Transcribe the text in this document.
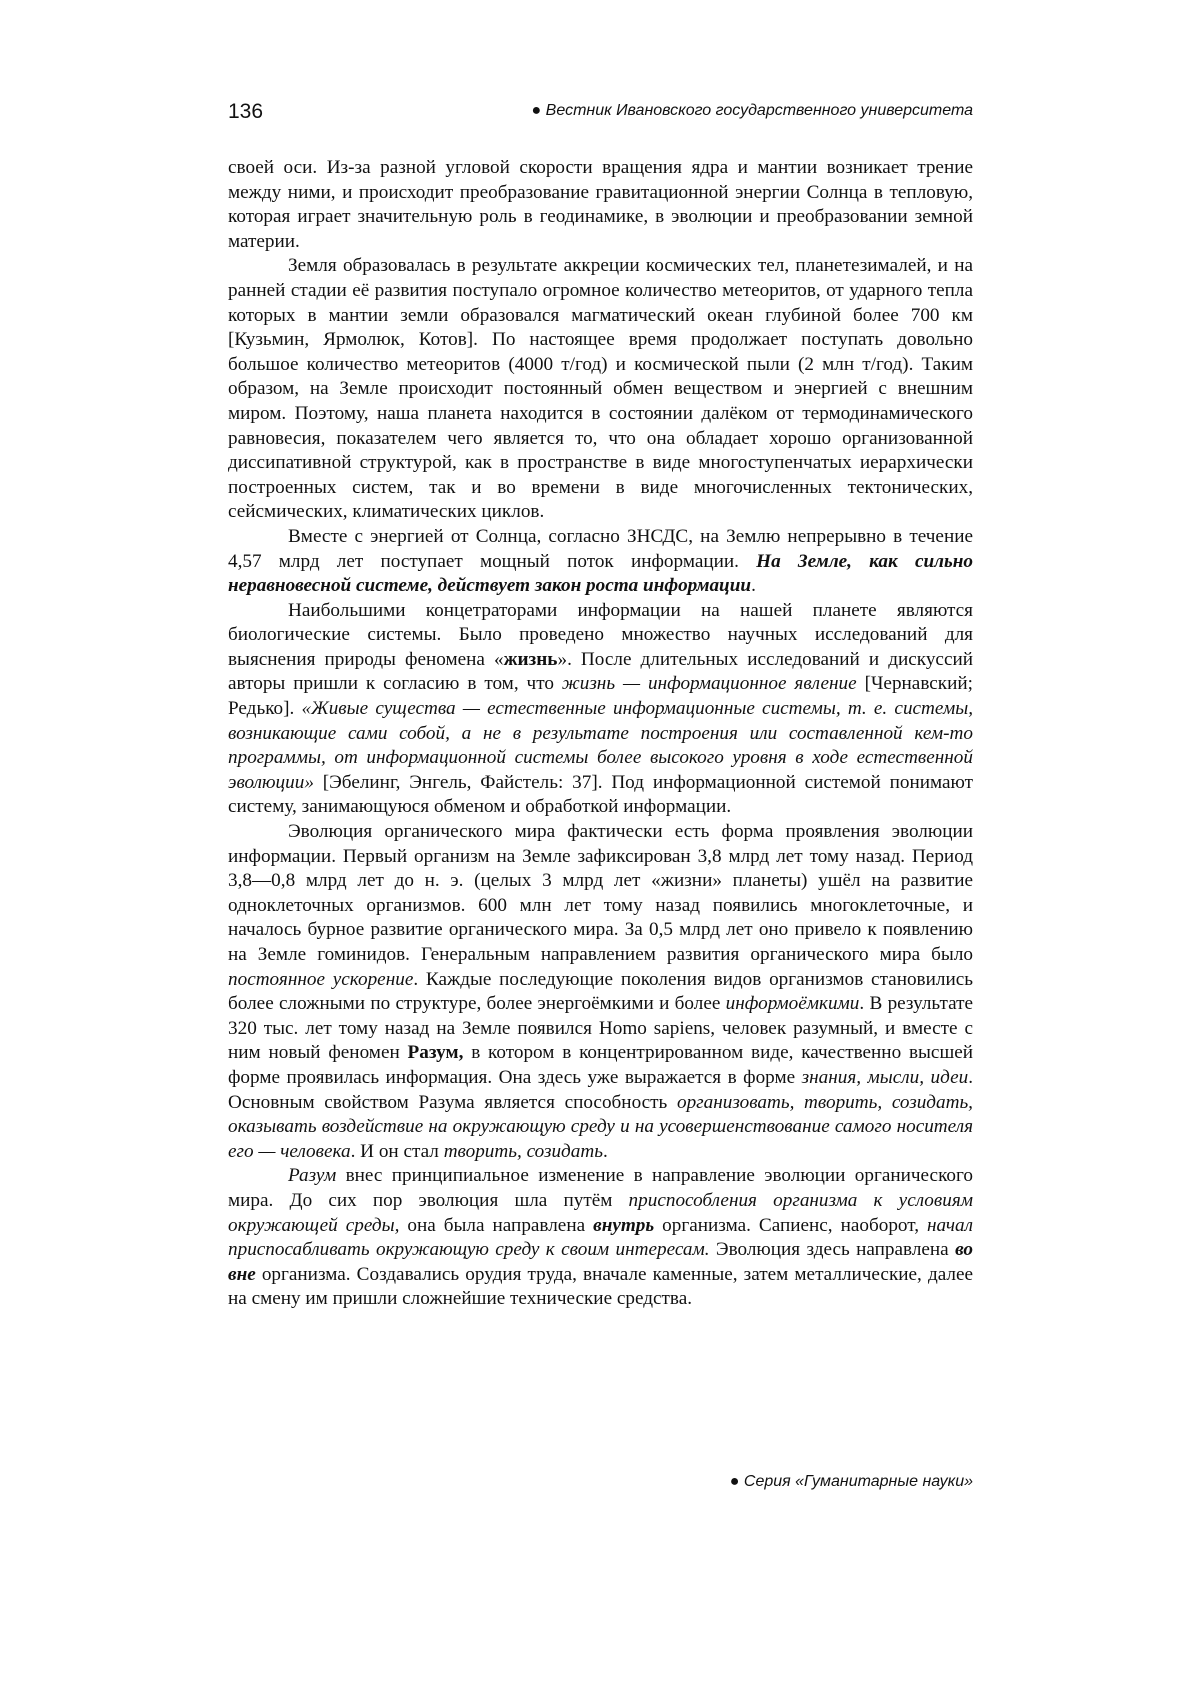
136	● Вестник Ивановского государственного университета

своей оси. Из-за разной угловой скорости вращения ядра и мантии возникает трение между ними, и происходит преобразование гравитационной энергии Солнца в тепловую, которая играет значительную роль в геодинамике, в эволюции и преобразовании земной материи.

Земля образовалась в результате аккреции космических тел, планетезималей, и на ранней стадии её развития поступало огромное количество метеоритов, от ударного тепла которых в мантии земли образовался магматический океан глубиной более 700 км [Кузьмин, Ярмолюк, Котов]. По настоящее время продолжает поступать довольно большое количество метеоритов (4000 т/год) и космической пыли (2 млн т/год). Таким образом, на Земле происходит постоянный обмен веществом и энергией с внешним миром. Поэтому, наша планета находится в состоянии далёком от термодинамического равновесия, показателем чего является то, что она обладает хорошо организованной диссипативной структурой, как в пространстве в виде многоступенчатых иерархически построенных систем, так и во времени в виде многочисленных тектонических, сейсмических, климатических циклов.

Вместе с энергией от Солнца, согласно ЗНСДС, на Землю непрерывно в течение 4,57 млрд лет поступает мощный поток информации. На Земле, как сильно неравновесной системе, действует закон роста информации.

Наибольшими концетраторами информации на нашей планете являются биологические системы. Было проведено множество научных исследований для выяснения природы феномена «жизнь». После длительных исследований и дискуссий авторы пришли к согласию в том, что жизнь — информационное явление [Чернавский; Редько]. «Живые существа — естественные информационные системы, т. е. системы, возникающие сами собой, а не в результате построения или составленной кем-то программы, от информационной системы более высокого уровня в ходе естественной эволюции» [Эбелинг, Энгель, Файстель: 37]. Под информационной системой понимают систему, занимающуюся обменом и обработкой информации.

Эволюция органического мира фактически есть форма проявления эволюции информации. Первый организм на Земле зафиксирован 3,8 млрд лет тому назад. Период 3,8—0,8 млрд лет до н. э. (целых 3 млрд лет «жизни» планеты) ушёл на развитие одноклеточных организмов. 600 млн лет тому назад появились многоклеточные, и началось бурное развитие органического мира. За 0,5 млрд лет оно привело к появлению на Земле гоминидов. Генеральным направлением развития органического мира было постоянное ускорение. Каждые последующие поколения видов организмов становились более сложными по структуре, более энергоёмкими и более информоёмкими. В результате 320 тыс. лет тому назад на Земле появился Homo sapiens, человек разумный, и вместе с ним новый феномен Разум, в котором в концентрированном виде, качественно высшей форме проявилась информация. Она здесь уже выражается в форме знания, мысли, идеи. Основным свойством Разума является способность организовать, творить, созидать, оказывать воздействие на окружающую среду и на усовершенствование самого носителя его — человека. И он стал творить, созидать.

Разум внес принципиальное изменение в направление эволюции органического мира. До сих пор эволюция шла путём приспособления организма к условиям окружающей среды, она была направлена внутрь организма. Сапиенс, наоборот, начал приспосабливать окружающую среду к своим интересам. Эволюция здесь направлена во вне организма. Создавались орудия труда, вначале каменные, затем металлические, далее на смену им пришли сложнейшие технические средства.

● Серия «Гуманитарные науки»
